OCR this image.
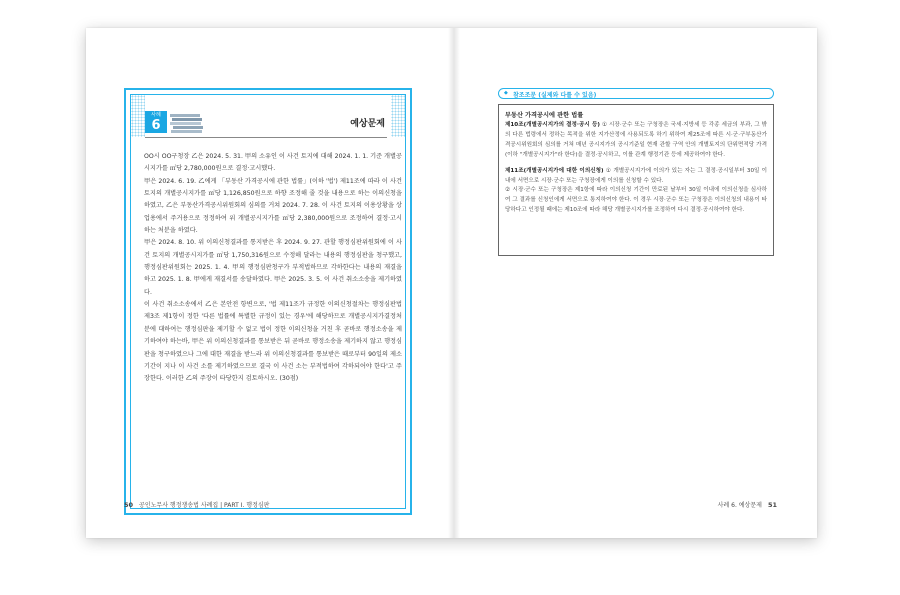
사례
6	예상문제

OO시 OO구청장 乙은 2024. 5. 31. 甲의 소유인 이 사건 토지에 대해 2024. 1. 1. 기준 개별공시지가를 ㎡당 2,780,000원으로 결정·고시했다.

甲은 2024. 6. 19. 乙에게 「부동산 가격공시에 관한 법률」(이하 '법') 제11조에 따라 이 사건 토지의 개별공시지가를 ㎡당 1,126,850원으로 하향 조정해 줄 것을 내용으로 하는 이의신청을 하였고, 乙은 부동산가격공시위원회의 심의를 거쳐 2024. 7. 28. 이 사건 토지의 이용상황을 상업용에서 주거용으로 정정하여 위 개별공시지가를 ㎡당 2,380,000원으로 조정하여 결정·고시하는 처분을 하였다.

甲은 2024. 8. 10. 위 이의신청결과를 통지받은 후 2024. 9. 27. 관할 행정심판위원회에 이 사건 토지의 개별공시지가를 ㎡당 1,750,316원으로 수정해 달라는 내용의 행정심판을 청구했고, 행정심판위원회는 2025. 1. 4. 甲의 행정심판청구가 부적법하므로 각하한다는 내용의 재결을 하고 2025. 1. 8. 甲에게 재결서를 송달하였다. 甲은 2025. 3. 5. 이 사건 취소소송을 제기하였다.

이 사건 취소소송에서 乙은 본안전 항변으로, '법 제11조가 규정한 이의신청절차는 행정심판법 제3조 제1항이 정한 '다른 법률에 특별한 규정이 있는 경우'에 해당하므로 개별공시지가결정처분에 대하여는 행정심판을 제기할 수 없고 법이 정한 이의신청을 거친 후 곧바로 행정소송을 제기하여야 하는바, 甲은 위 이의신청결과를 통보받은 뒤 곧바로 행정소송을 제기하지 않고 행정심판을 청구하였으나 그에 대한 재결을 받느라 위 이의신청결과를 통보받은 때로부터 90일의 제소기간이 지나 이 사건 소를 제기하였으므로 결국 이 사건 소는 부적법하여 각하되어야 한다'고 주장한다. 이러한 乙의 주장이 타당한지 검토하시오. (30점)

50 공인노무사 행정쟁송법 사례집 | PART Ⅰ. 행정심판
◆ 참조조문 (실제와 다를 수 있음)
부동산 가격공시에 관한 법률
제10조(개별공시지가의 결정·공시 등) ① 시장·군수 또는 구청장은 국세·지방세 등 각종 세금의 부과, 그 밖의 다른 법령에서 정하는 목적을 위한 지가산정에 사용되도록 하기 위하여 제25조에 따른 시·군·구부동산가격공시위원회의 심의를 거쳐 매년 공시지가의 공시기준일 현재 관할 구역 안의 개별토지의 단위면적당 가격(이하 "개별공시지가"라 한다)을 결정·공시하고, 이를 관계 행정기관 등에 제공하여야 한다.
제11조(개별공시지가에 대한 이의신청) ① 개별공시지가에 이의가 있는 자는 그 결정·공시일부터 30일 이내에 서면으로 시장·군수 또는 구청장에게 이의를 신청할 수 있다.
② 시장·군수 또는 구청장은 제1항에 따라 이의신청 기간이 만료된 날부터 30일 이내에 이의신청을 심사하여 그 결과를 신청인에게 서면으로 통지하여야 한다. 이 경우 시장·군수 또는 구청장은 이의신청의 내용이 타당하다고 인정될 때에는 제10조에 따라 해당 개별공시지가를 조정하여 다시 결정·공시하여야 한다.
사례 6. 예상문제 51
